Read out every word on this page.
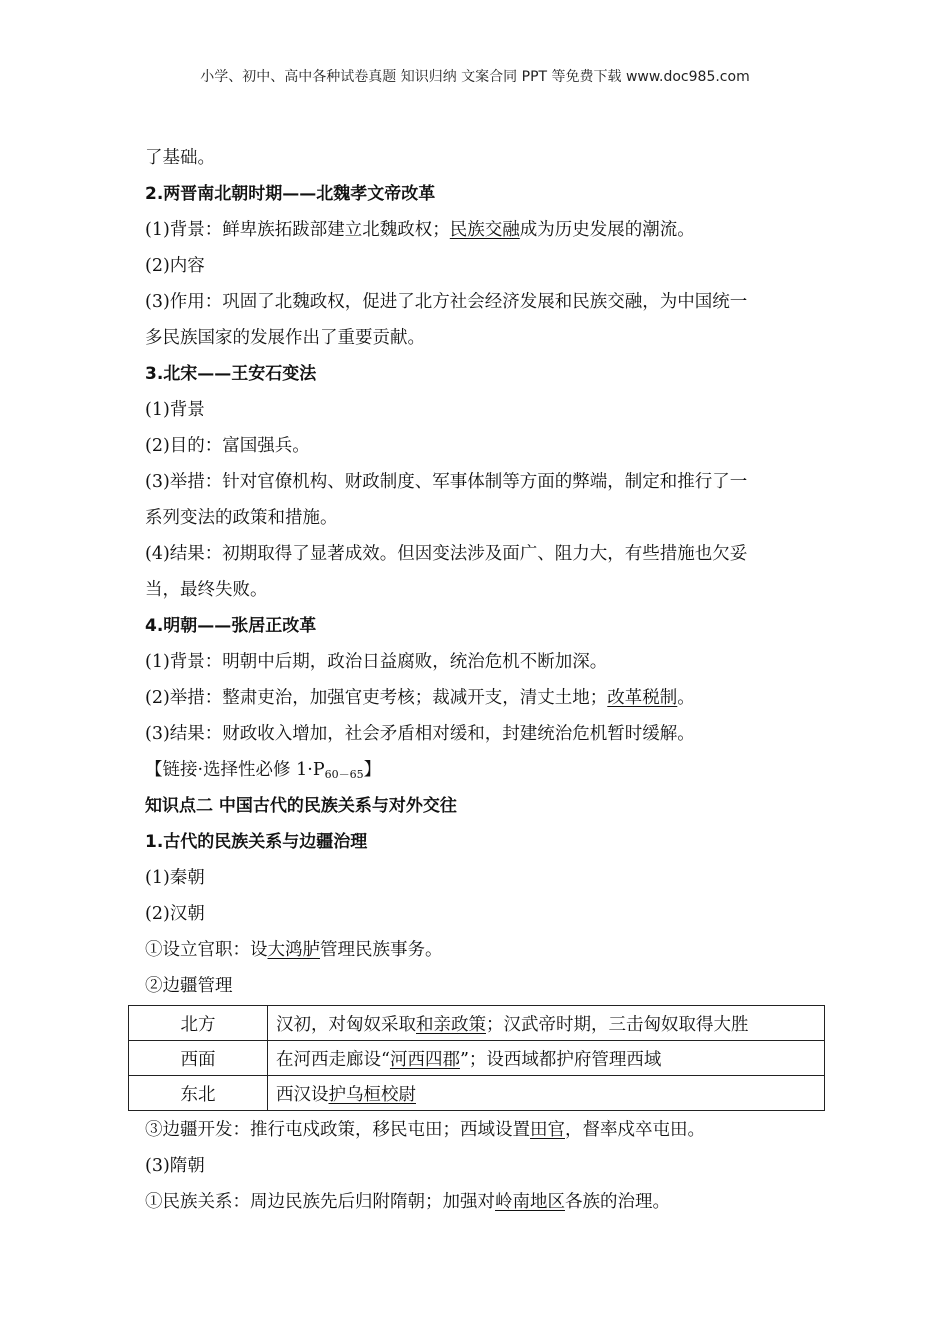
小学、初中、高中各种试卷真题 知识归纳 文案合同 PPT 等免费下载 www.doc985.com
了基础。
2.两晋南北朝时期——北魏孝文帝改革
(1)背景：鲜卑族拓跋部建立北魏政权；民族交融成为历史发展的潮流。
(2)内容
(3)作用：巩固了北魏政权，促进了北方社会经济发展和民族交融，为中国统一
多民族国家的发展作出了重要贡献。
3.北宋——王安石变法
(1)背景
(2)目的：富国强兵。
(3)举措：针对官僚机构、财政制度、军事体制等方面的弊端，制定和推行了一
系列变法的政策和措施。
(4)结果：初期取得了显著成效。但因变法涉及面广、阻力大，有些措施也欠妥
当，最终失败。
4.明朝——张居正改革
(1)背景：明朝中后期，政治日益腐败，统治危机不断加深。
(2)举措：整肃吏治，加强官吏考核；裁减开支，清丈土地；改革税制。
(3)结果：财政收入增加，社会矛盾相对缓和，封建统治危机暂时缓解。
【链接·选择性必修 $1\cdot P_{60-65}$】
知识点二 中国古代的民族关系与对外交往
1.古代的民族关系与边疆治理
(1)秦朝
(2)汉朝
①设立官职：设大鸿胪管理民族事务。
②边疆管理
北方	汉初，对匈奴采取和亲政策；汉武帝时期，三击匈奴取得大胜
西面	在河西走廊设“河西四郡”；设西域都护府管理西域
东北	西汉设护乌桓校尉
③边疆开发：推行屯戍政策，移民屯田；西域设置田官，督率戍卒屯田。
(3)隋朝
①民族关系：周边民族先后归附隋朝；加强对岭南地区各族的治理。
